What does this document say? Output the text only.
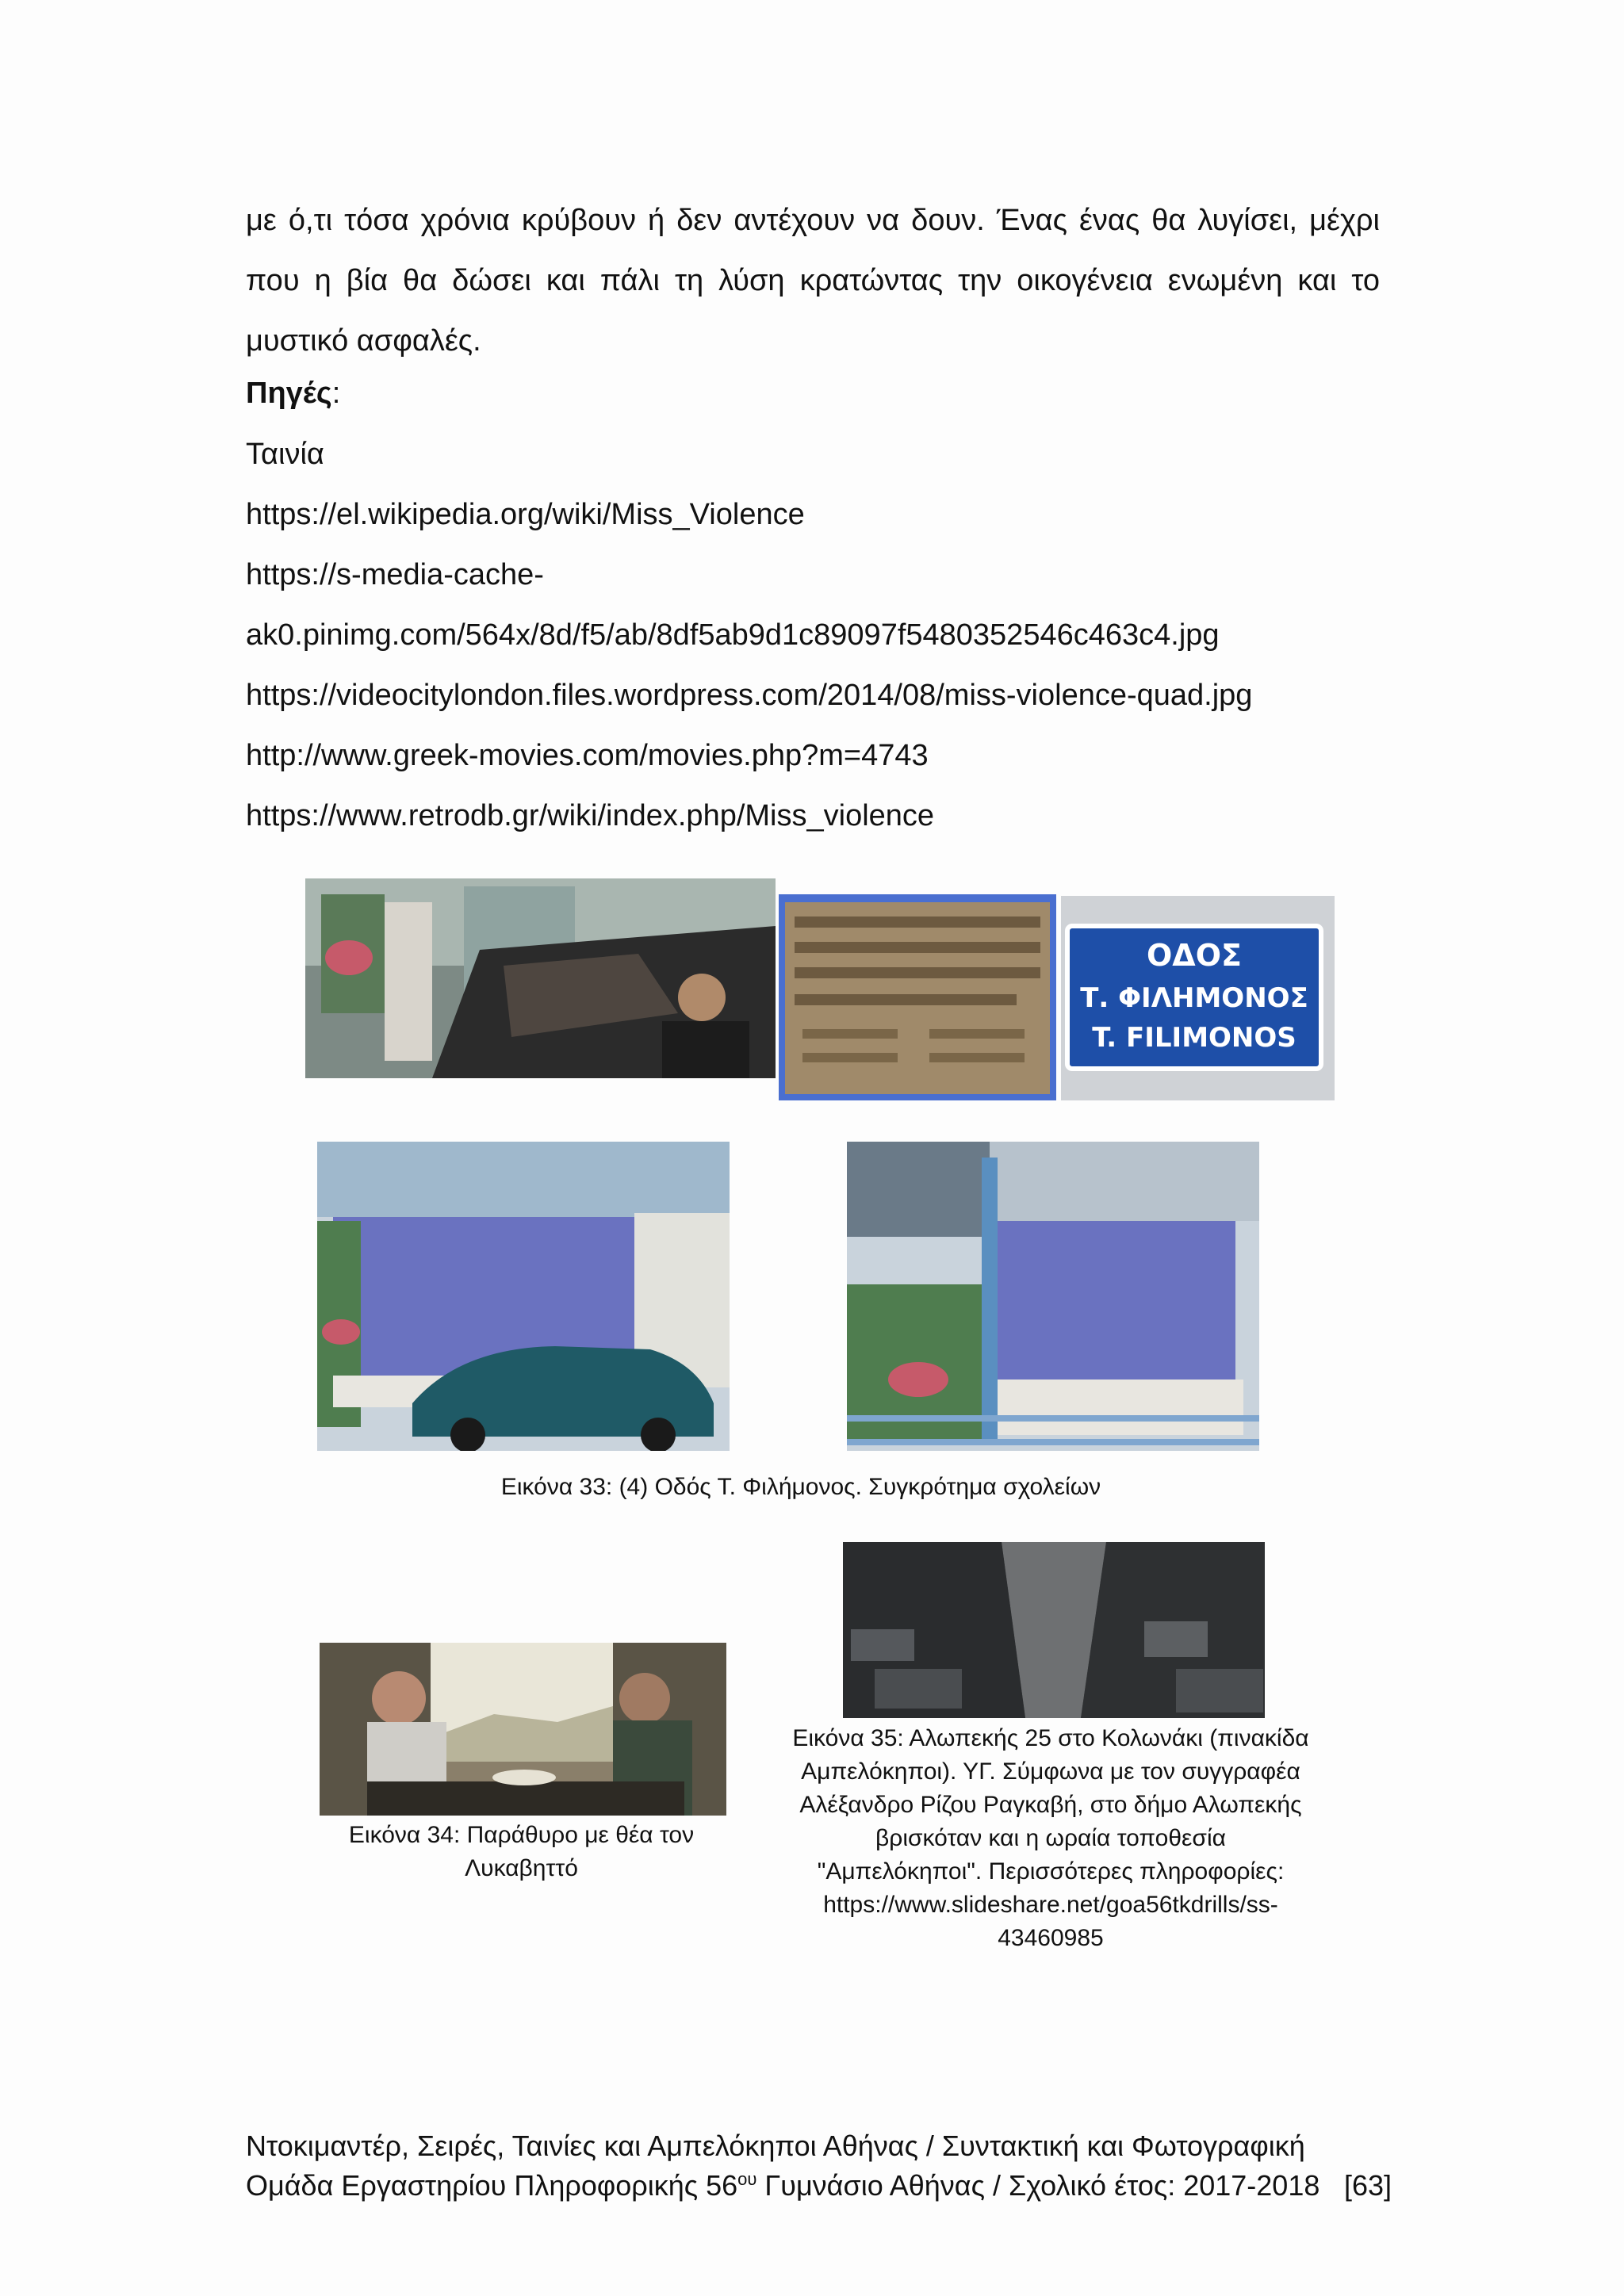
με ό,τι τόσα χρόνια κρύβουν ή δεν αντέχουν να δουν. Ένας ένας θα λυγίσει, μέχρι που η βία θα δώσει και πάλι τη λύση κρατώντας την οικογένεια ενωμένη και το μυστικό ασφαλές.
Πηγές:
Ταινία
https://el.wikipedia.org/wiki/Miss_Violence
https://s-media-cache-
ak0.pinimg.com/564x/8d/f5/ab/8df5ab9d1c89097f5480352546c463c4.jpg
https://videocitylondon.files.wordpress.com/2014/08/miss-violence-quad.jpg
http://www.greek-movies.com/movies.php?m=4743
https://www.retrodb.gr/wiki/index.php/Miss_violence
ΟΔΟΣ
Τ. ΦΙΛΗΜΟΝΟΣ
T. FILIMONOS
Εικόνα 33: (4) Οδός Τ. Φιλήμονος. Συγκρότημα σχολείων
Εικόνα 34: Παράθυρο με θέα τον
Λυκαβηττό
Εικόνα 35: Αλωπεκής 25 στο Κολωνάκι (πινακίδα
Αμπελόκηποι). ΥΓ. Σύμφωνα με τον συγγραφέα
Αλέξανδρο Ρίζου Ραγκαβή, στο δήμο Αλωπεκής
βρισκόταν και η ωραία τοποθεσία
"Αμπελόκηποι". Περισσότερες πληροφορίες:
https://www.slideshare.net/goa56tkdrills/ss-
43460985
Ντοκιμαντέρ, Σειρές, Ταινίες και Αμπελόκηποι Αθήνας / Συντακτική και Φωτογραφική
Ομάδα Εργαστηρίου Πληροφορικής $56^{o\upsilon}$ Γυμνάσιο Αθήνας / Σχολικό έτος: 2017-2018 [63]
